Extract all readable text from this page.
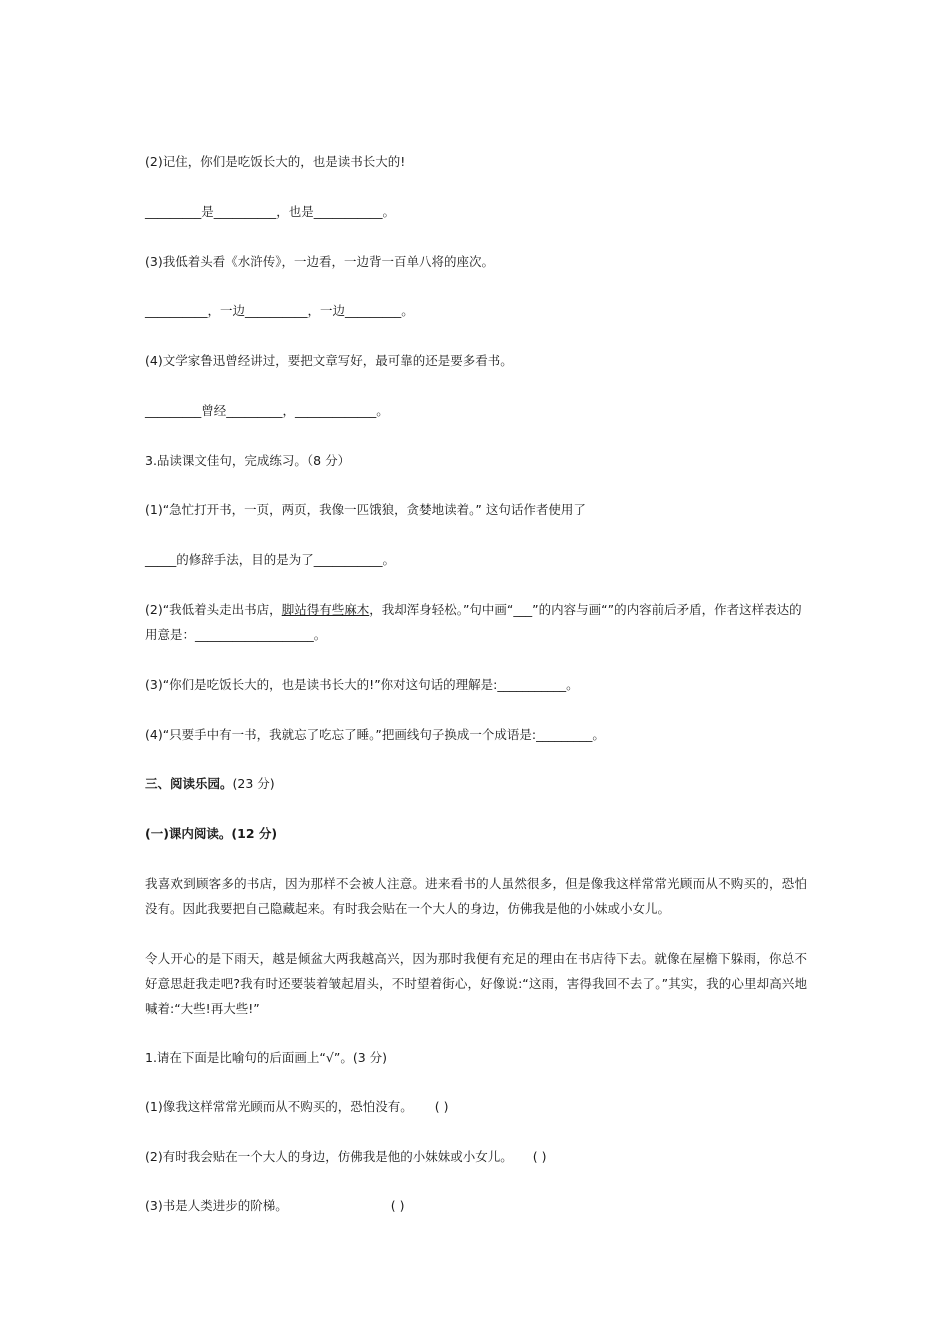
(2)记住，你们是吃饭长大的，也是读书长大的!
_________是__________，也是___________。
(3)我低着头看《水浒传》，一边看，一边背一百单八将的座次。
__________，一边__________，一边_________。
(4)文学家鲁迅曾经讲过，要把文章写好，最可靠的还是要多看书。
_________曾经_________，_____________。
3.品读课文佳句，完成练习。（8 分）
(1)“急忙打开书，一页，两页，我像一匹饿狼，贪婪地读着。” 这句话作者使用了
_____的修辞手法，目的是为了___________。
(2)“我低着头走出书店，脚站得有些麻木，我却浑身轻松。”句中画“___”的内容与画“”的内容前后矛盾，作者这样表达的
用意是：___________________。
(3)“你们是吃饭长大的，也是读书长大的!”你对这句话的理解是:___________。
(4)“只要手中有一书，我就忘了吃忘了睡。”把画线句子换成一个成语是:_________。
三、阅读乐园。(23 分)
(一)课内阅读。(12 分)
我喜欢到顾客多的书店，因为那样不会被人注意。进来看书的人虽然很多，但是像我这样常常光顾而从不购买的，恐怕没有。因此我要把自己隐藏起来。有时我会贴在一个大人的身边，仿佛我是他的小妹或小女儿。
令人开心的是下雨天，越是倾盆大两我越高兴，因为那时我便有充足的理由在书店待下去。就像在屋檐下躲雨，你总不好意思赶我走吧?我有时还要装着皱起眉头，不时望着街心，好像说:“这雨，害得我回不去了。”其实，我的心里却高兴地喊着:“大些!再大些!”
1.请在下面是比喻句的后面画上“√”。(3 分)
(1)像我这样常常光顾而从不购买的，恐怕没有。 ( )
(2)有时我会贴在一个大人的身边，仿佛我是他的小妹妹或小女儿。 ( )
(3)书是人类进步的阶梯。	( )
